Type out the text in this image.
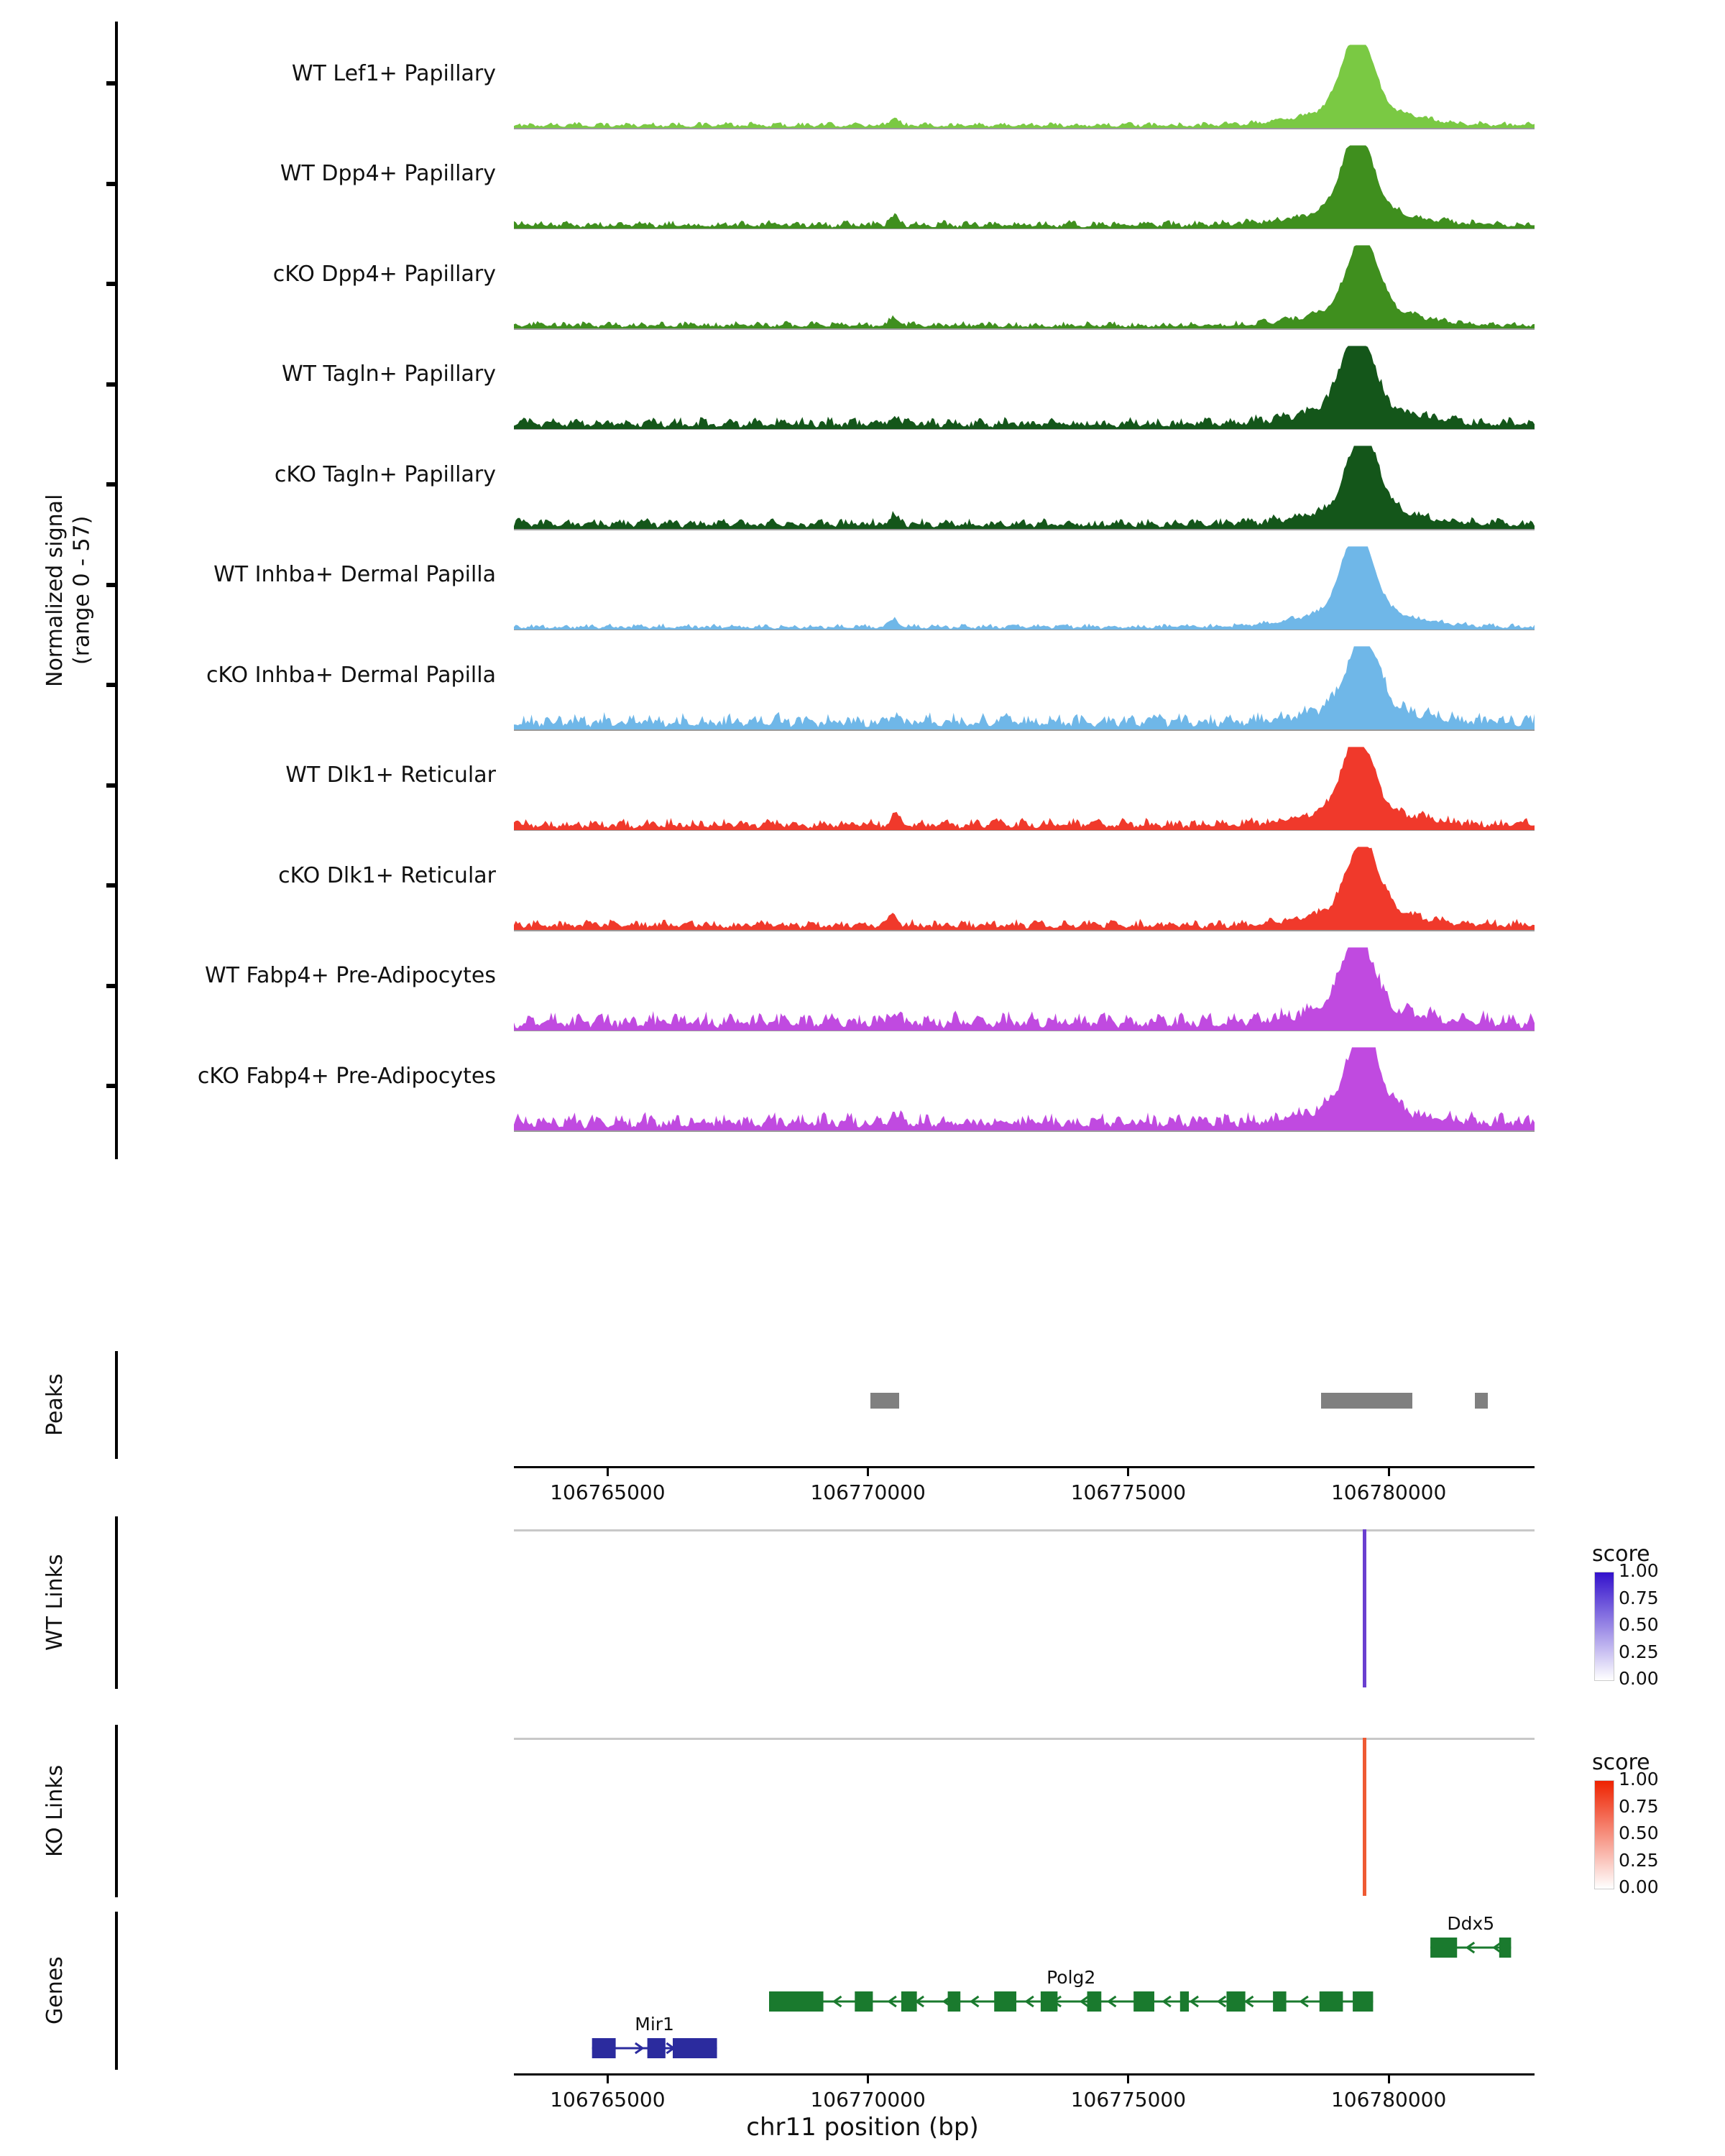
WT Lef1+ Papillary
WT Dpp4+ Papillary
cKO Dpp4+ Papillary
WT Tagln+ Papillary
cKO Tagln+ Papillary
WT Inhba+ Dermal Papilla
cKO Inhba+ Dermal Papilla
WT Dlk1+ Reticular
cKO Dlk1+ Reticular
WT Fabp4+ Pre-Adipocytes
cKO Fabp4+ Pre-Adipocytes
Normalized signal
(range 0 - 57)
Peaks
106765000	106770000	106775000	106780000
WT Links
KO Links
score
1.00
0.75
0.50
0.25
0.00
score
1.00
0.75
0.50
0.25
0.00
Genes
Ddx5
Polg2
Mir1
106765000	106770000	106775000	106780000
chr11 position (bp)
